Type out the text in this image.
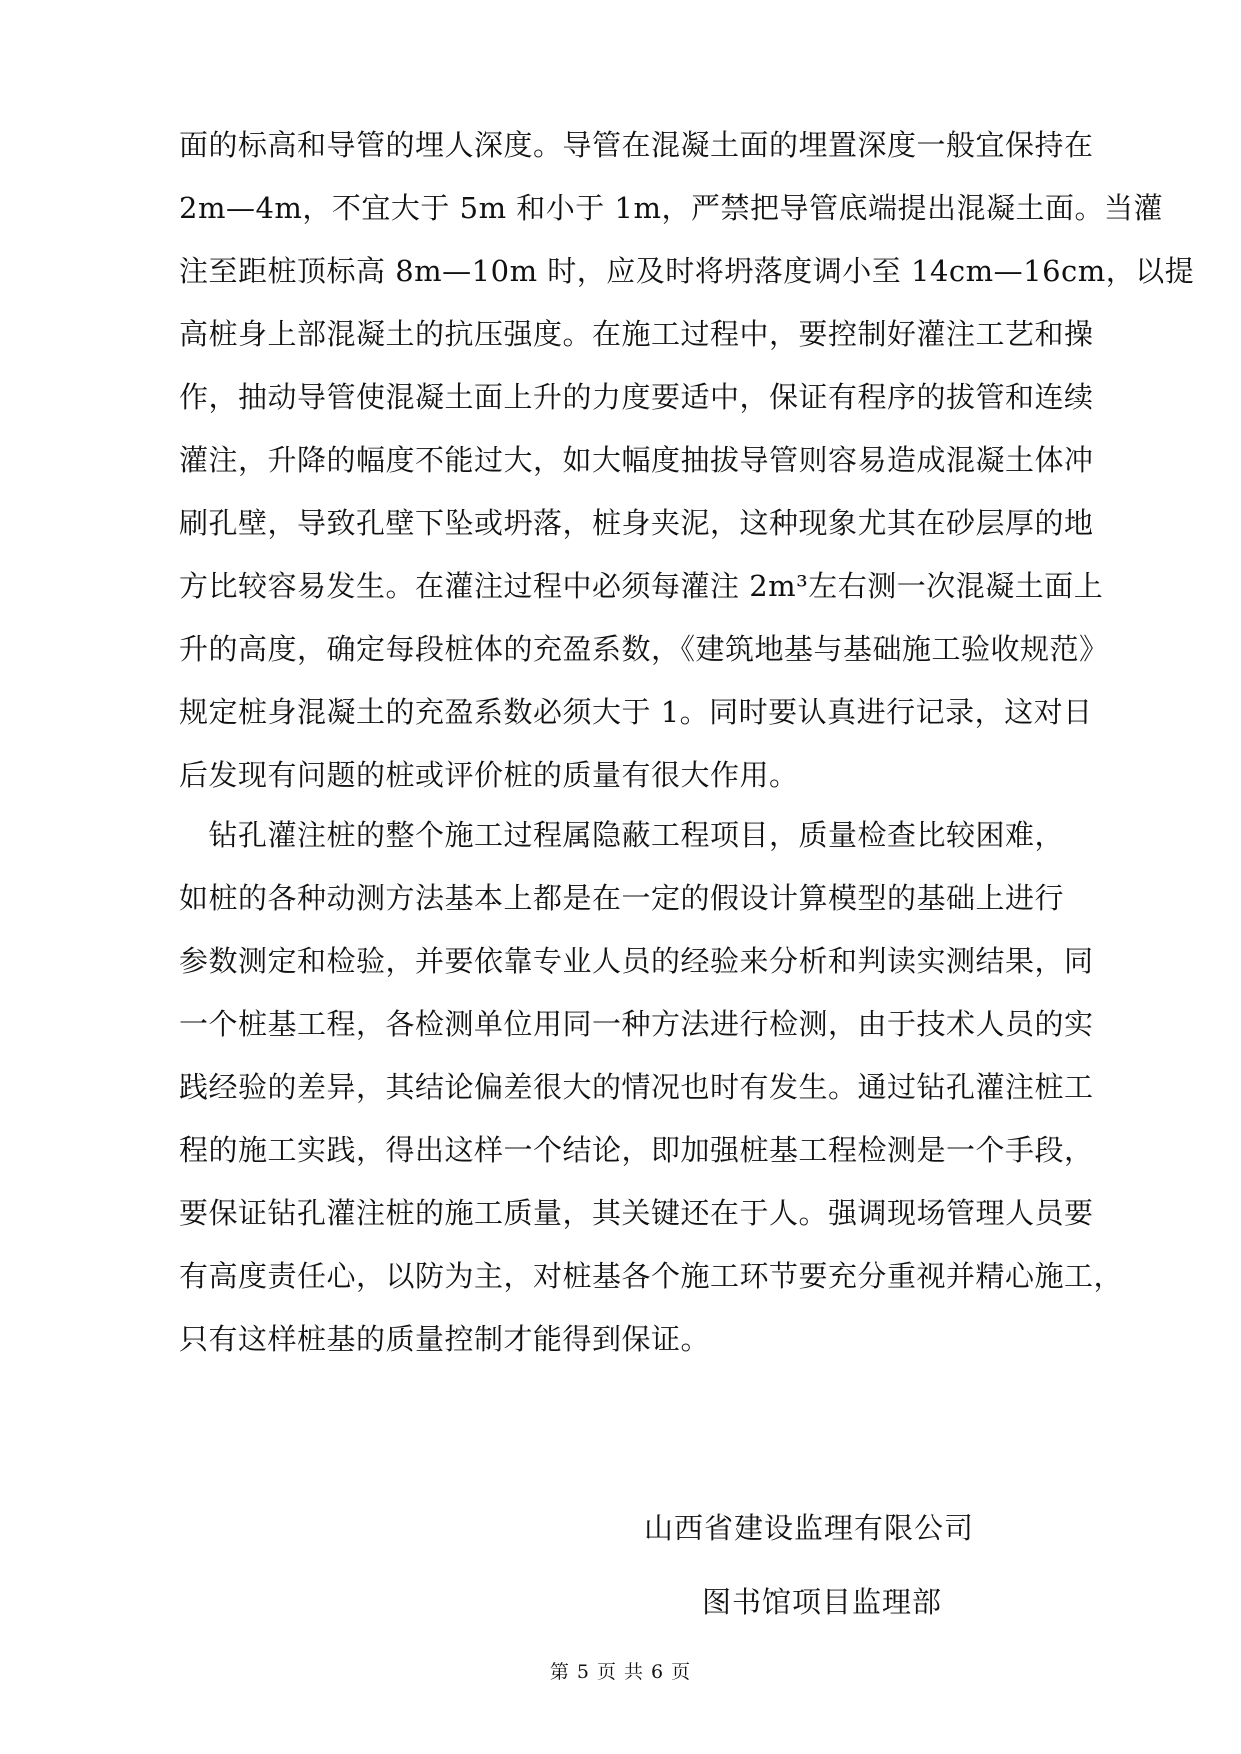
面的标高和导管的埋人深度。导管在混凝土面的埋置深度一般宜保持在
2m—4m，不宜大于 5m 和小于 1m，严禁把导管底端提出混凝土面。当灌
注至距桩顶标高 8m—10m 时，应及时将坍落度调小至 14cm—16cm，以提
高桩身上部混凝土的抗压强度。在施工过程中，要控制好灌注工艺和操
作，抽动导管使混凝土面上升的力度要适中，保证有程序的拔管和连续
灌注，升降的幅度不能过大，如大幅度抽拔导管则容易造成混凝土体冲
刷孔壁，导致孔壁下坠或坍落，桩身夹泥，这种现象尤其在砂层厚的地
方比较容易发生。在灌注过程中必须每灌注 2m³左右测一次混凝土面上
升的高度，确定每段桩体的充盈系数，《建筑地基与基础施工验收规范》
规定桩身混凝土的充盈系数必须大于 1。同时要认真进行记录，这对日
后发现有问题的桩或评价桩的质量有很大作用。
　钻孔灌注桩的整个施工过程属隐蔽工程项目，质量检查比较困难，
如桩的各种动测方法基本上都是在一定的假设计算模型的基础上进行
参数测定和检验，并要依靠专业人员的经验来分析和判读实测结果，同
一个桩基工程，各检测单位用同一种方法进行检测，由于技术人员的实
践经验的差异，其结论偏差很大的情况也时有发生。通过钻孔灌注桩工
程的施工实践，得出这样一个结论，即加强桩基工程检测是一个手段，
要保证钻孔灌注桩的施工质量，其关键还在于人。强调现场管理人员要
有高度责任心，以防为主，对桩基各个施工环节要充分重视并精心施工，
只有这样桩基的质量控制才能得到保证。
山西省建设监理有限公司
图书馆项目监理部
第 5 页 共 6 页
